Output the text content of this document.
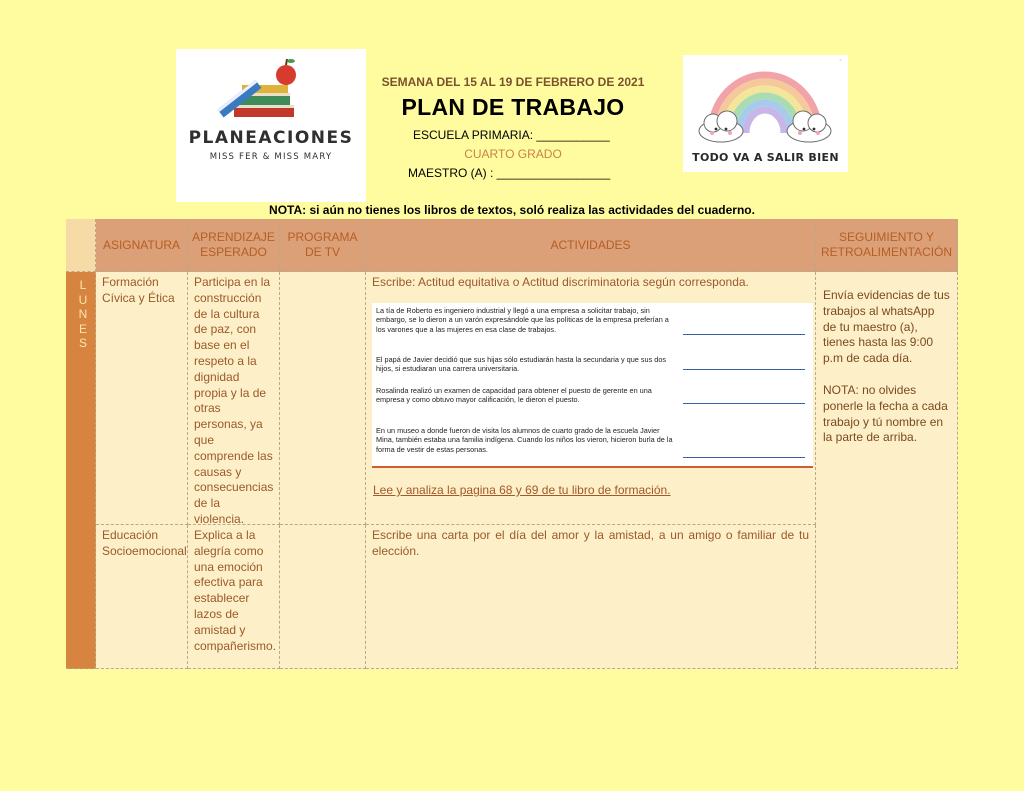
PLANEACIONES
MISS FER & MISS MARY
~
TODO VA A SALIR BIEN
SEMANA DEL 15 AL 19 DE FEBRERO DE 2021
PLAN DE TRABAJO
ESCUELA PRIMARIA: ___________
CUARTO GRADO
MAESTRO (A) : _________________
NOTA: si aún no tienes los libros de textos, soló realiza las actividades del cuaderno.
ASIGNATURA
APRENDIZAJE ESPERADO
PROGRAMA DE TV
ACTIVIDADES
SEGUIMIENTO Y RETROALIMENTACIÓN
L
U
N
E
S
Formación Cívica y Ética
Participa en la construcción de la cultura de paz, con base en el respeto a la dignidad propia y la de otras personas, ya que comprende las causas y consecuencias de la violencia.
Escribe: Actitud equitativa o Actitud discriminatoria según corresponda.
Educación Socioemocional
Explica a la alegría como una emoción efectiva para establecer lazos de amistad y compañerismo.
Escribe una carta por el día del amor y la amistad, a un amigo o familiar de tu elección.
Envía evidencias de tus trabajos al whatsApp de tu maestro (a), tienes hasta las 9:00 p.m de cada día.
NOTA: no olvides ponerle la fecha a cada trabajo y tú nombre en la parte de arriba.
La tía de Roberto es ingeniero industrial y llegó a una empresa a solicitar trabajo, sin embargo, se lo dieron a un varón expresándole que las políticas de la empresa preferían a los varones que a las mujeres en esa clase de trabajos.
El papá de Javier decidió que sus hijas sólo estudiarán hasta la secundaria y que sus dos hijos, si estudiaran una carrera universitaria.
Rosalinda realizó un examen de capacidad para obtener el puesto de gerente en una empresa y como obtuvo mayor calificación, le dieron el puesto.
En un museo a donde fueron de visita los alumnos de cuarto grado de la escuela Javier Mina, también estaba una familia indígena. Cuando los niños los vieron, hicieron burla de la forma de vestir de estas personas.
Lee y analiza la pagina 68 y 69 de tu libro de formación.
